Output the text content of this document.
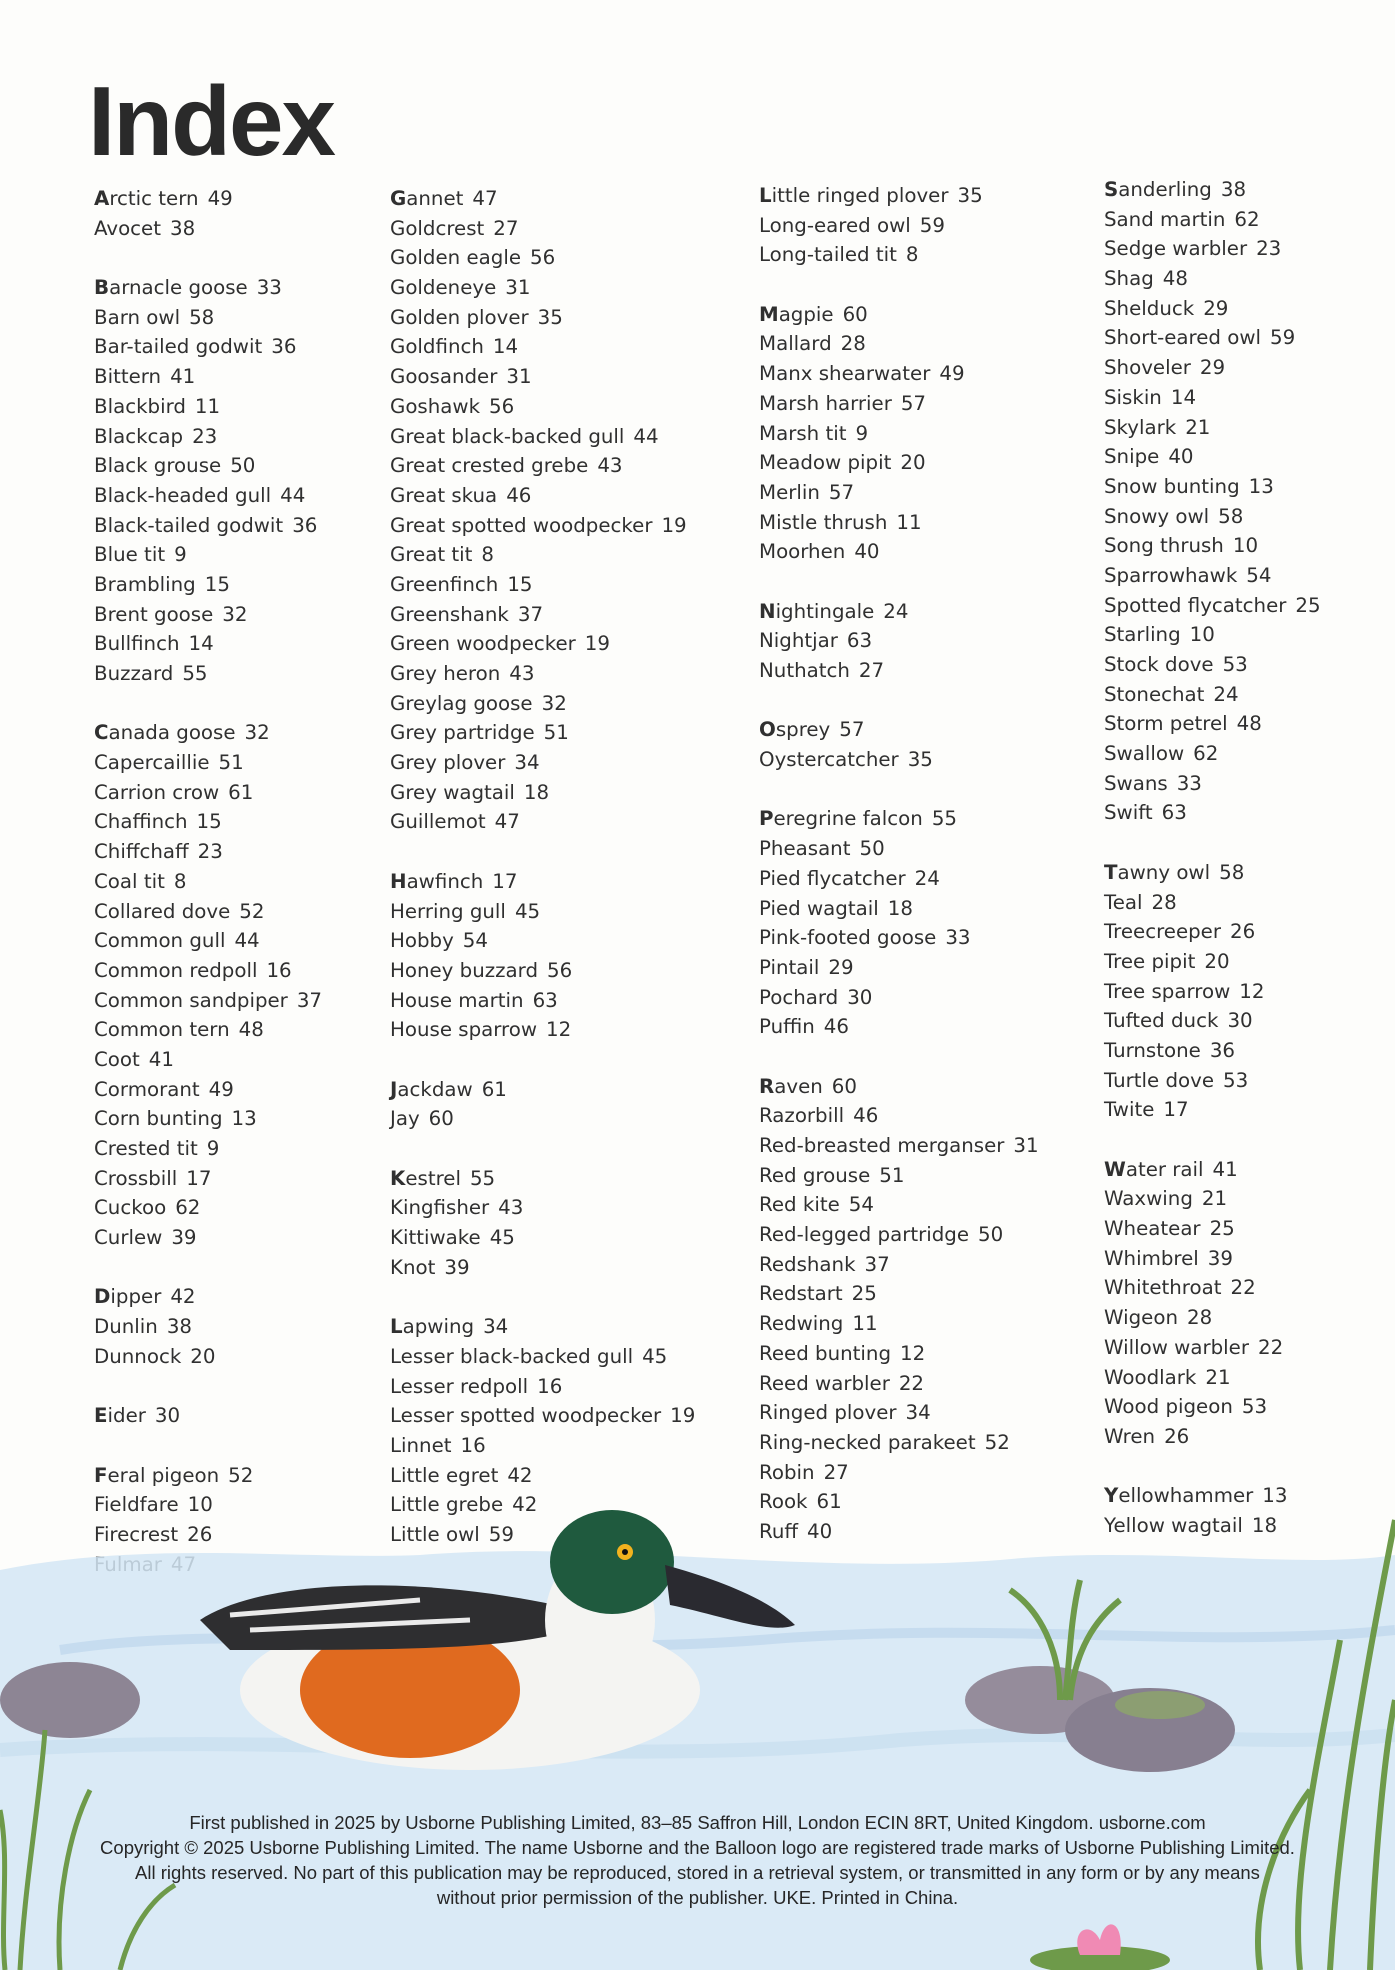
Index
Arctic tern 49
Avocet 38
Barnacle goose 33
Barn owl 58
Bar-tailed godwit 36
Bittern 41
Blackbird 11
Blackcap 23
Black grouse 50
Black-headed gull 44
Black-tailed godwit 36
Blue tit 9
Brambling 15
Brent goose 32
Bullfinch 14
Buzzard 55
Canada goose 32
Capercaillie 51
Carrion crow 61
Chaffinch 15
Chiffchaff 23
Coal tit 8
Collared dove 52
Common gull 44
Common redpoll 16
Common sandpiper 37
Common tern 48
Coot 41
Cormorant 49
Corn bunting 13
Crested tit 9
Crossbill 17
Cuckoo 62
Curlew 39
Dipper 42
Dunlin 38
Dunnock 20
Eider 30
Feral pigeon 52
Fieldfare 10
Firecrest 26
Gannet 47
Goldcrest 27
Golden eagle 56
Goldeneye 31
Golden plover 35
Goldfinch 14
Goosander 31
Goshawk 56
Great black-backed gull 44
Great crested grebe 43
Great skua 46
Great spotted woodpecker 19
Great tit 8
Greenfinch 15
Greenshank 37
Green woodpecker 19
Grey heron 43
Greylag goose 32
Grey partridge 51
Grey plover 34
Grey wagtail 18
Guillemot 47
Hawfinch 17
Herring gull 45
Hobby 54
Honey buzzard 56
House martin 63
House sparrow 12
Jackdaw 61
Jay 60
Kestrel 55
Kingfisher 43
Kittiwake 45
Knot 39
Lapwing 34
Lesser black-backed gull 45
Lesser redpoll 16
Lesser spotted woodpecker 19
Linnet 16
Little egret 42
Little grebe 42
Little owl 59
Little ringed plover 35
Long-eared owl 59
Long-tailed tit 8
Magpie 60
Mallard 28
Manx shearwater 49
Marsh harrier 57
Marsh tit 9
Meadow pipit 20
Merlin 57
Mistle thrush 11
Moorhen 40
Nightingale 24
Nightjar 63
Nuthatch 27
Osprey 57
Oystercatcher 35
Peregrine falcon 55
Pheasant 50
Pied flycatcher 24
Pied wagtail 18
Pink-footed goose 33
Pintail 29
Pochard 30
Puffin 46
Raven 60
Razorbill 46
Red-breasted merganser 31
Red grouse 51
Red kite 54
Red-legged partridge 50
Redshank 37
Redstart 25
Redwing 11
Reed bunting 12
Reed warbler 22
Ringed plover 34
Ring-necked parakeet 52
Robin 27
Rook 61
Ruff 40
Sanderling 38
Sand martin 62
Sedge warbler 23
Shag 48
Shelduck 29
Short-eared owl 59
Shoveler 29
Siskin 14
Skylark 21
Snipe 40
Snow bunting 13
Snowy owl 58
Song thrush 10
Sparrowhawk 54
Spotted flycatcher 25
Starling 10
Stock dove 53
Stonechat 24
Storm petrel 48
Swallow 62
Swans 33
Swift 63
Tawny owl 58
Teal 28
Treecreeper 26
Tree pipit 20
Tree sparrow 12
Tufted duck 30
Turnstone 36
Turtle dove 53
Twite 17
Water rail 41
Waxwing 21
Wheatear 25
Whimbrel 39
Whitethroat 22
Wigeon 28
Willow warbler 22
Woodlark 21
Wood pigeon 53
Wren 26
Yellowhammer 13
Yellow wagtail 18
First published in 2025 by Usborne Publishing Limited, 83–85 Saffron Hill, London ECIN 8RT, United Kingdom. usborne.com
Copyright © 2025 Usborne Publishing Limited. The name Usborne and the Balloon logo are registered trade marks of Usborne Publishing Limited.
All rights reserved. No part of this publication may be reproduced, stored in a retrieval system, or transmitted in any form or by any means
without prior permission of the publisher. UKE. Printed in China.
